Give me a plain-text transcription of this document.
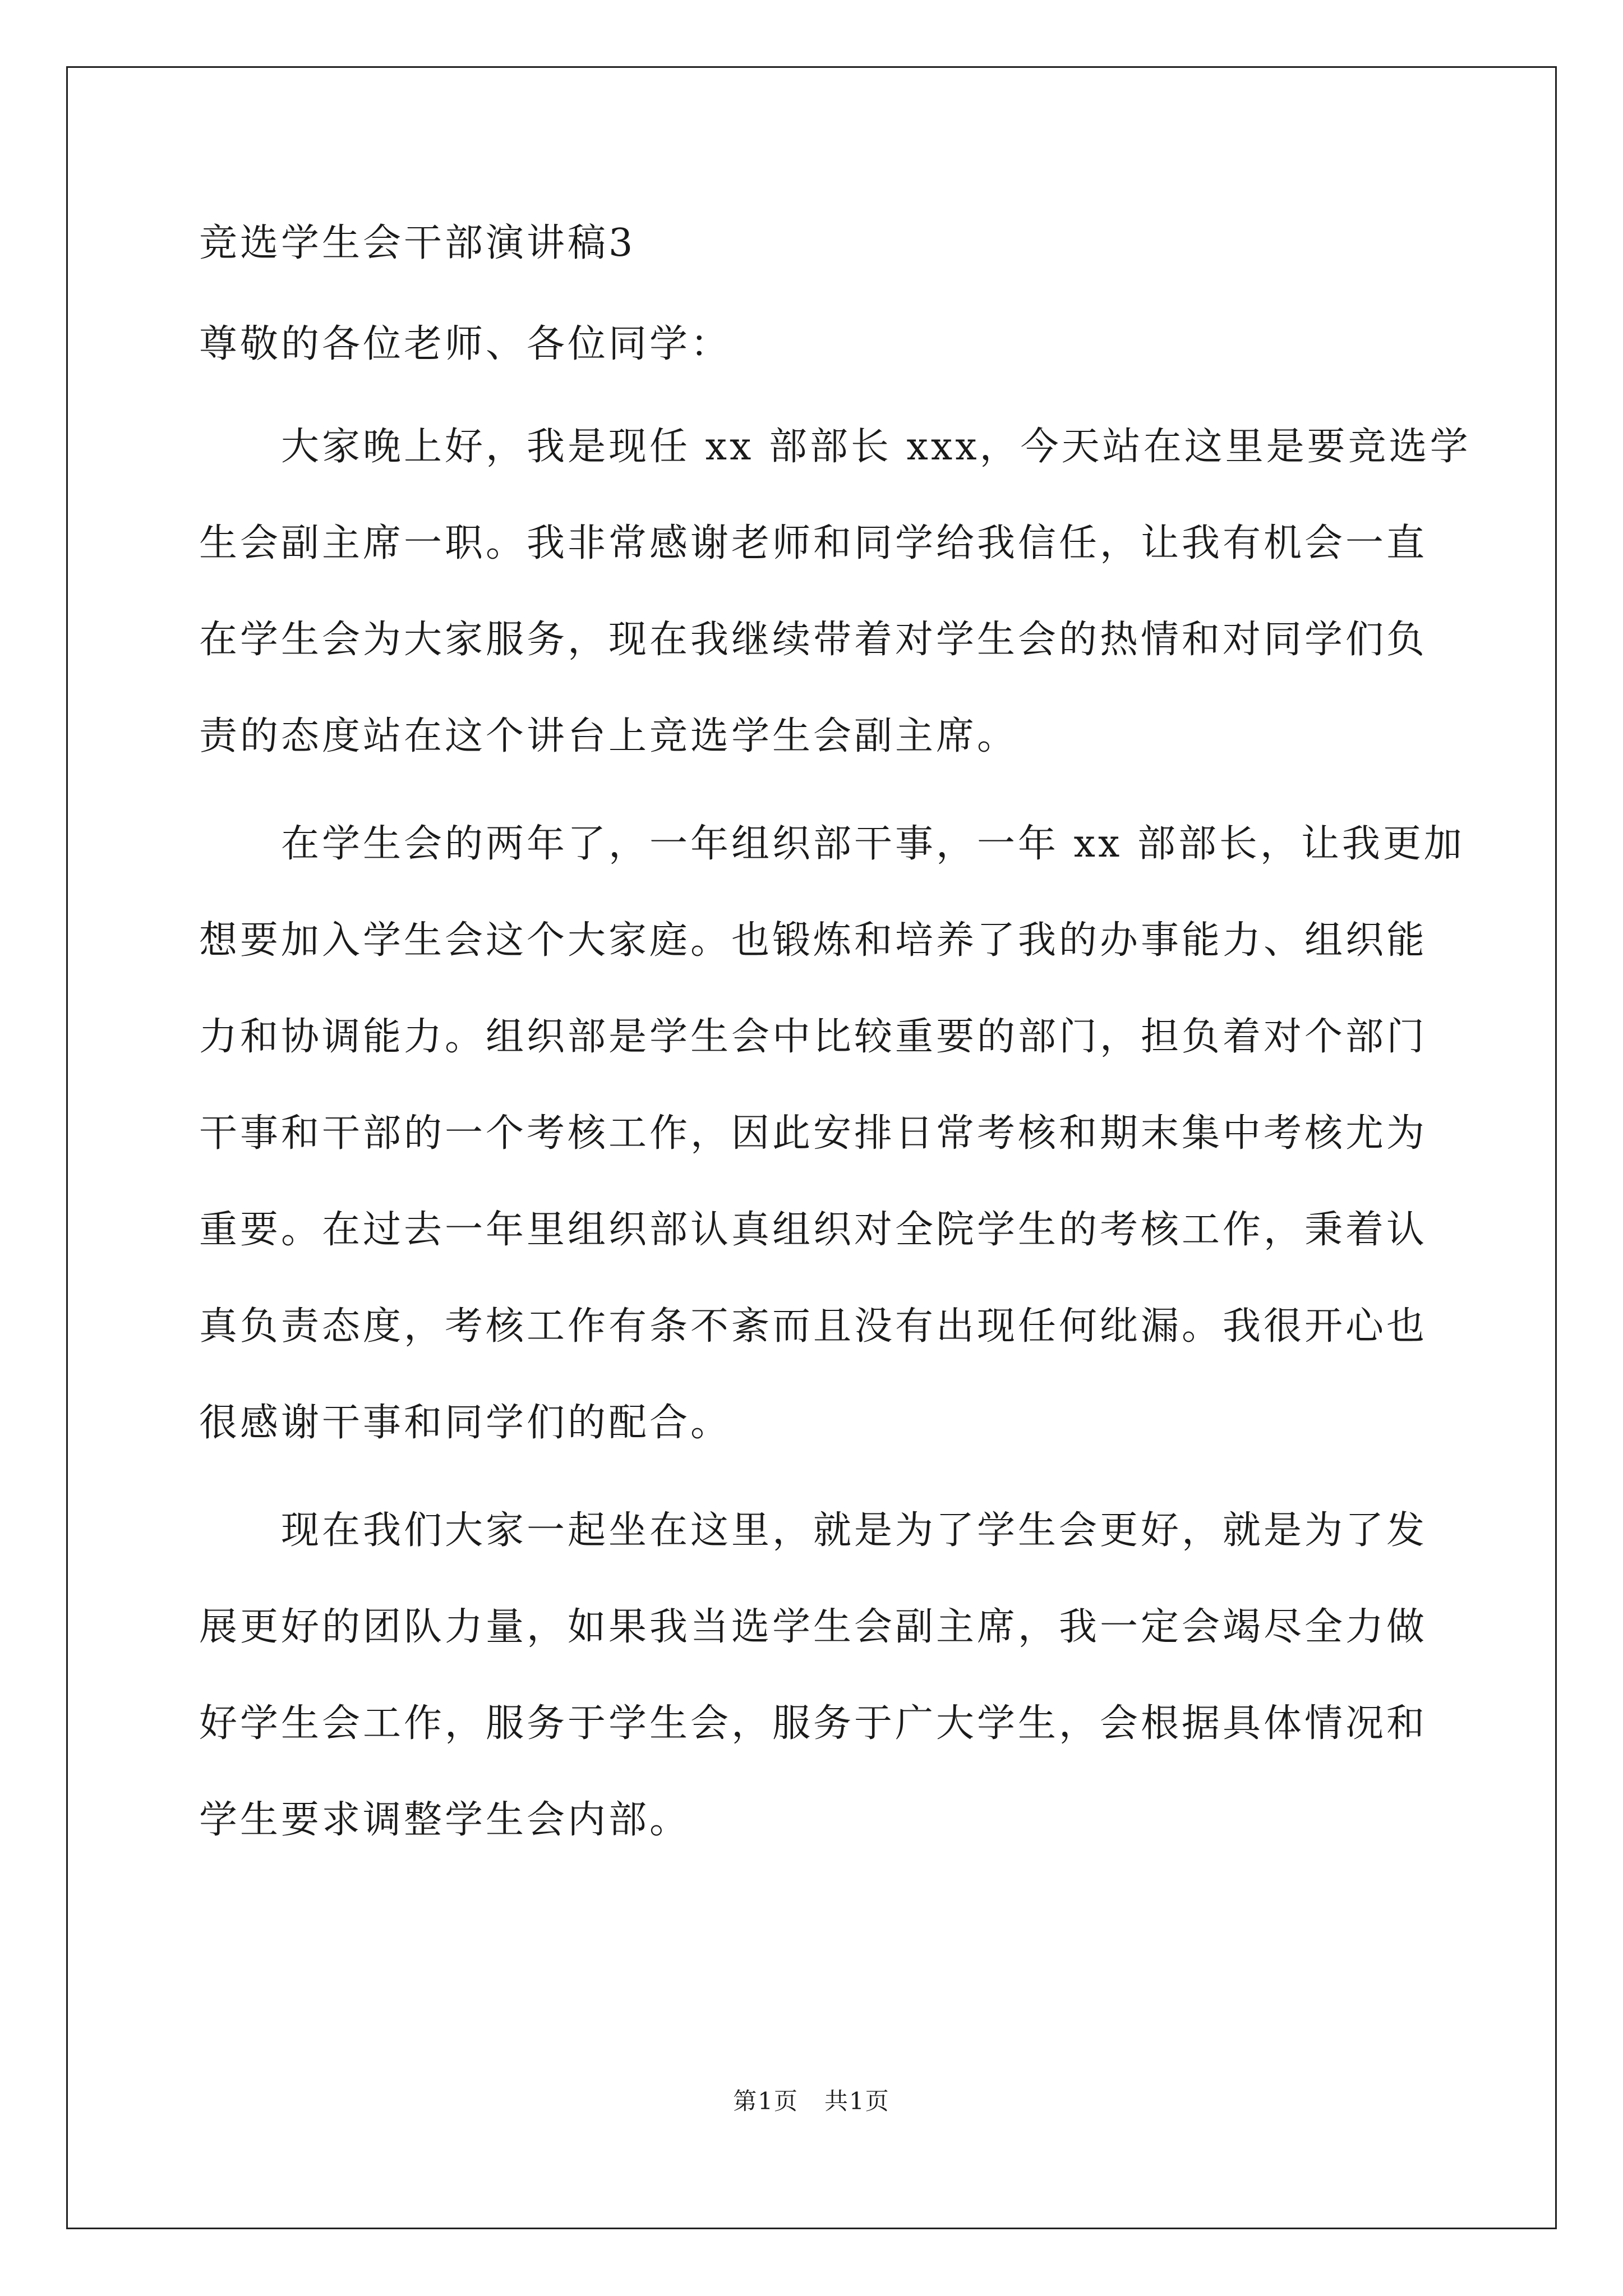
竞选学生会干部演讲稿3
尊敬的各位老师、各位同学：
大家晚上好，我是现任 xx 部部长 xxx，今天站在这里是要竞选学
生会副主席一职。我非常感谢老师和同学给我信任，让我有机会一直
在学生会为大家服务，现在我继续带着对学生会的热情和对同学们负
责的态度站在这个讲台上竞选学生会副主席。
在学生会的两年了，一年组织部干事，一年 xx 部部长，让我更加
想要加入学生会这个大家庭。也锻炼和培养了我的办事能力、组织能
力和协调能力。组织部是学生会中比较重要的部门，担负着对个部门
干事和干部的一个考核工作，因此安排日常考核和期末集中考核尤为
重要。在过去一年里组织部认真组织对全院学生的考核工作，秉着认
真负责态度，考核工作有条不紊而且没有出现任何纰漏。我很开心也
很感谢干事和同学们的配合。
现在我们大家一起坐在这里，就是为了学生会更好，就是为了发
展更好的团队力量，如果我当选学生会副主席，我一定会竭尽全力做
好学生会工作，服务于学生会，服务于广大学生，会根据具体情况和
学生要求调整学生会内部。
第1页   共1页
